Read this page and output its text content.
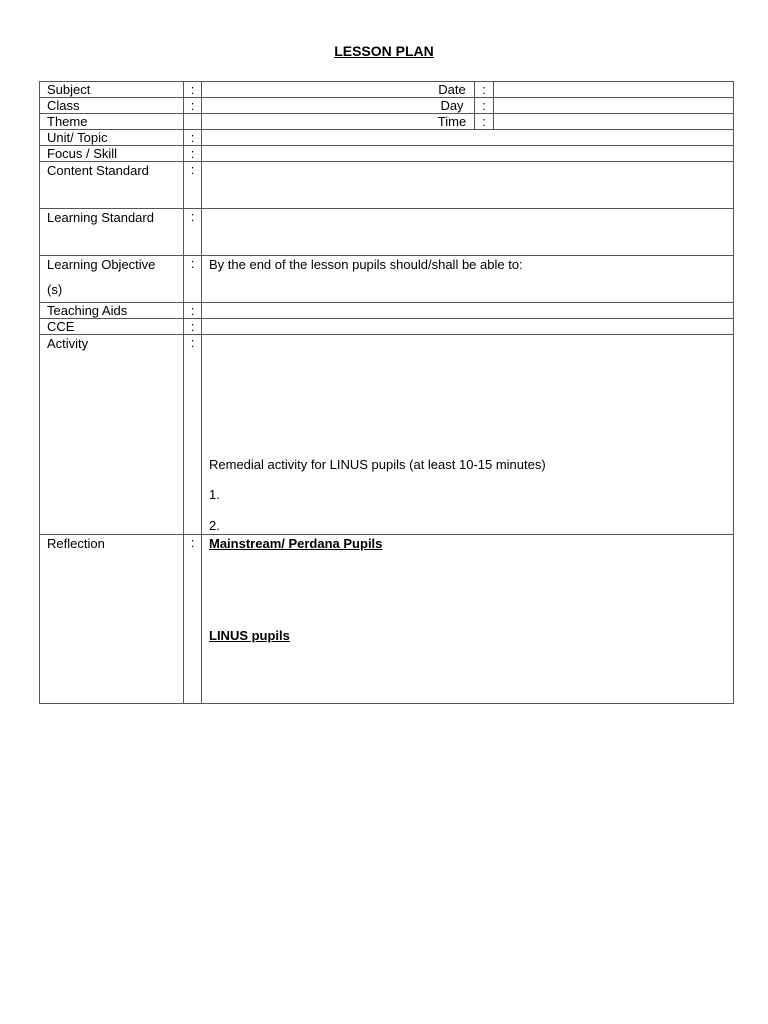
LESSON PLAN
Subject	:	Date :

Class	:	Day :

Theme		Time :

Unit/ Topic	:	
Focus / Skill	:	
Content Standard	:	
Learning Standard	:	

Learning Objective
(s)	:	By the end of the lesson pupils should/shall be able to:
Teaching Aids	:	
CCE	:	
Activity	:	Remedial activity for LINUS pupils (at least 10-15 minutes)
1.
2.

Reflection	:	Mainstream/ Perdana Pupils
LINUS pupils
